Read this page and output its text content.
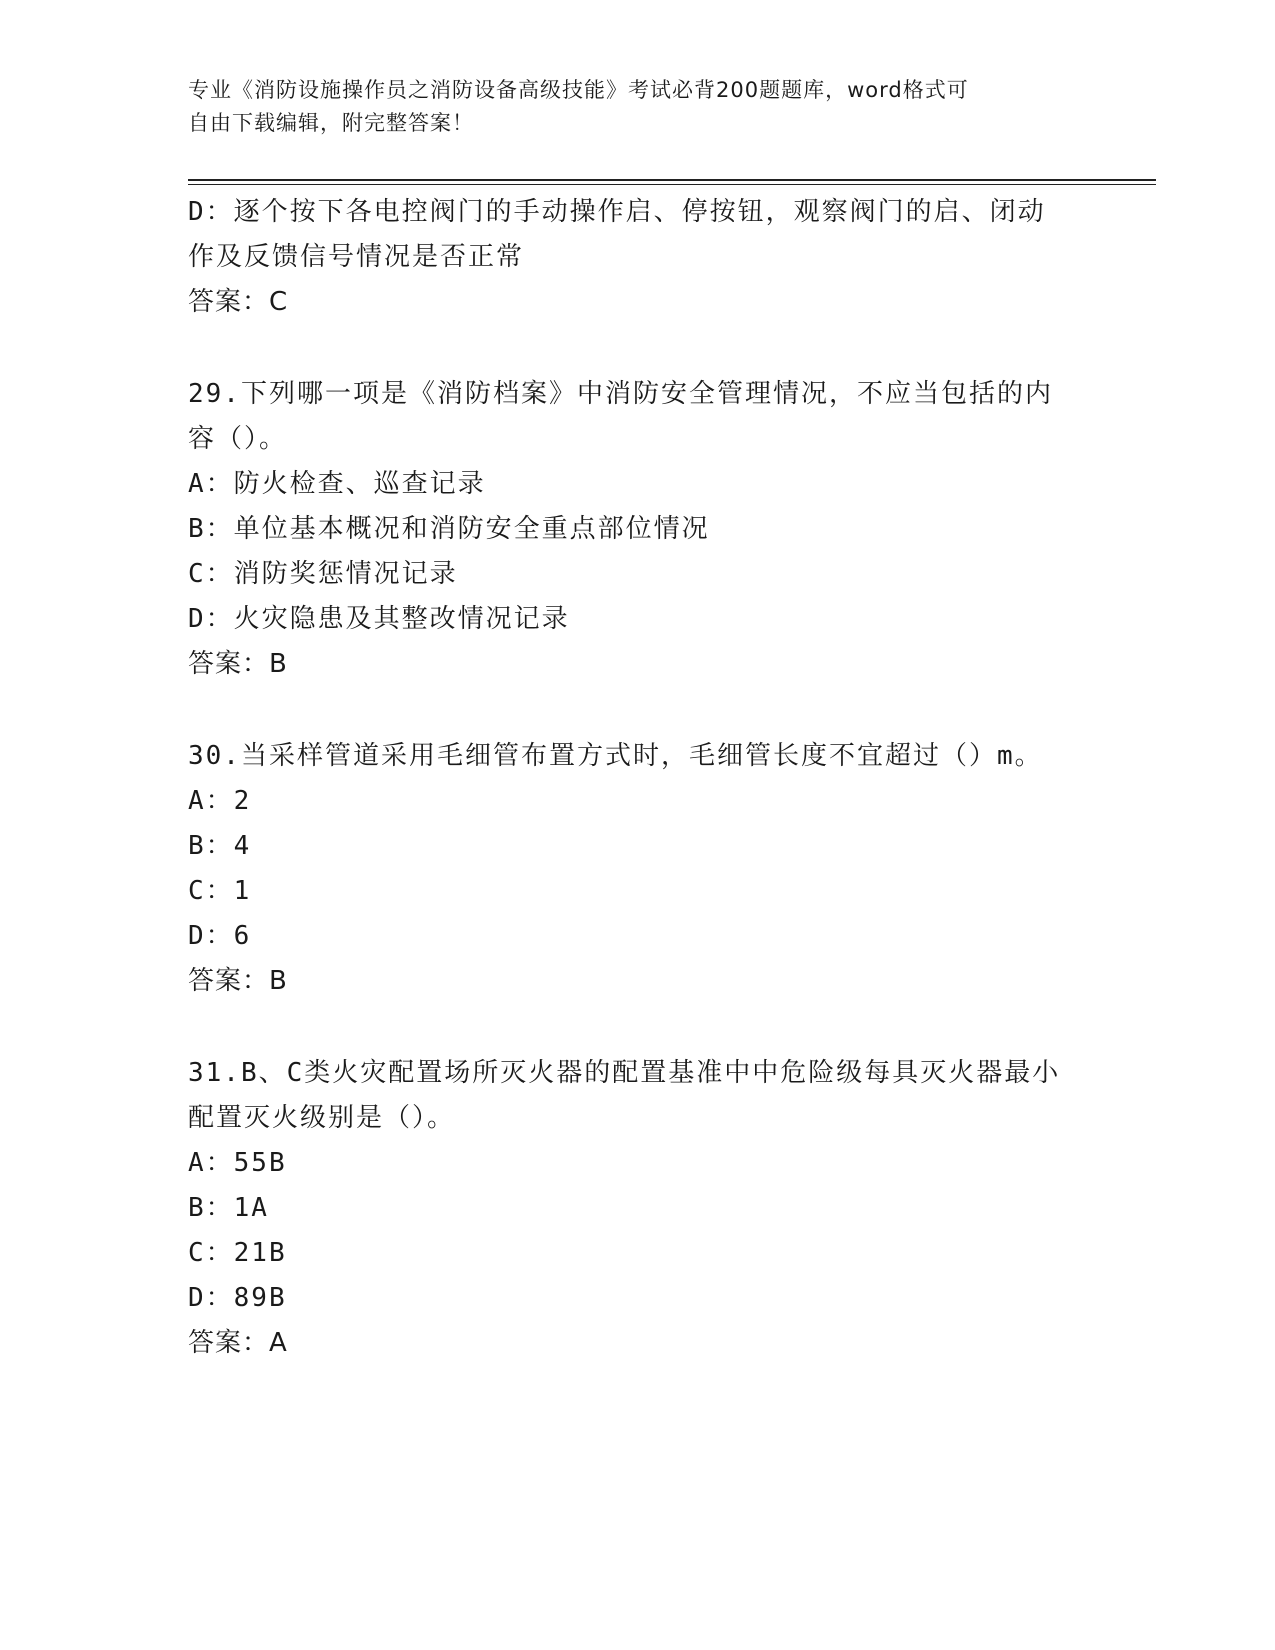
专业《消防设施操作员之消防设备高级技能》考试必背200题题库，word格式可
自由下载编辑，附完整答案！
D：逐个按下各电控阀门的手动操作启、停按钮，观察阀门的启、闭动
作及反馈信号情况是否正常
答案：C
29.下列哪一项是《消防档案》中消防安全管理情况，不应当包括的内
容（）。
A：防火检查、巡查记录
B：单位基本概况和消防安全重点部位情况
C：消防奖惩情况记录
D：火灾隐患及其整改情况记录
答案：B
30.当采样管道采用毛细管布置方式时，毛细管长度不宜超过（）m。
A：2
B：4
C：1
D：6
答案：B
31.B、C类火灾配置场所灭火器的配置基准中中危险级每具灭火器最小
配置灭火级别是（）。
A：55B
B：1A
C：21B
D：89B
答案：A
